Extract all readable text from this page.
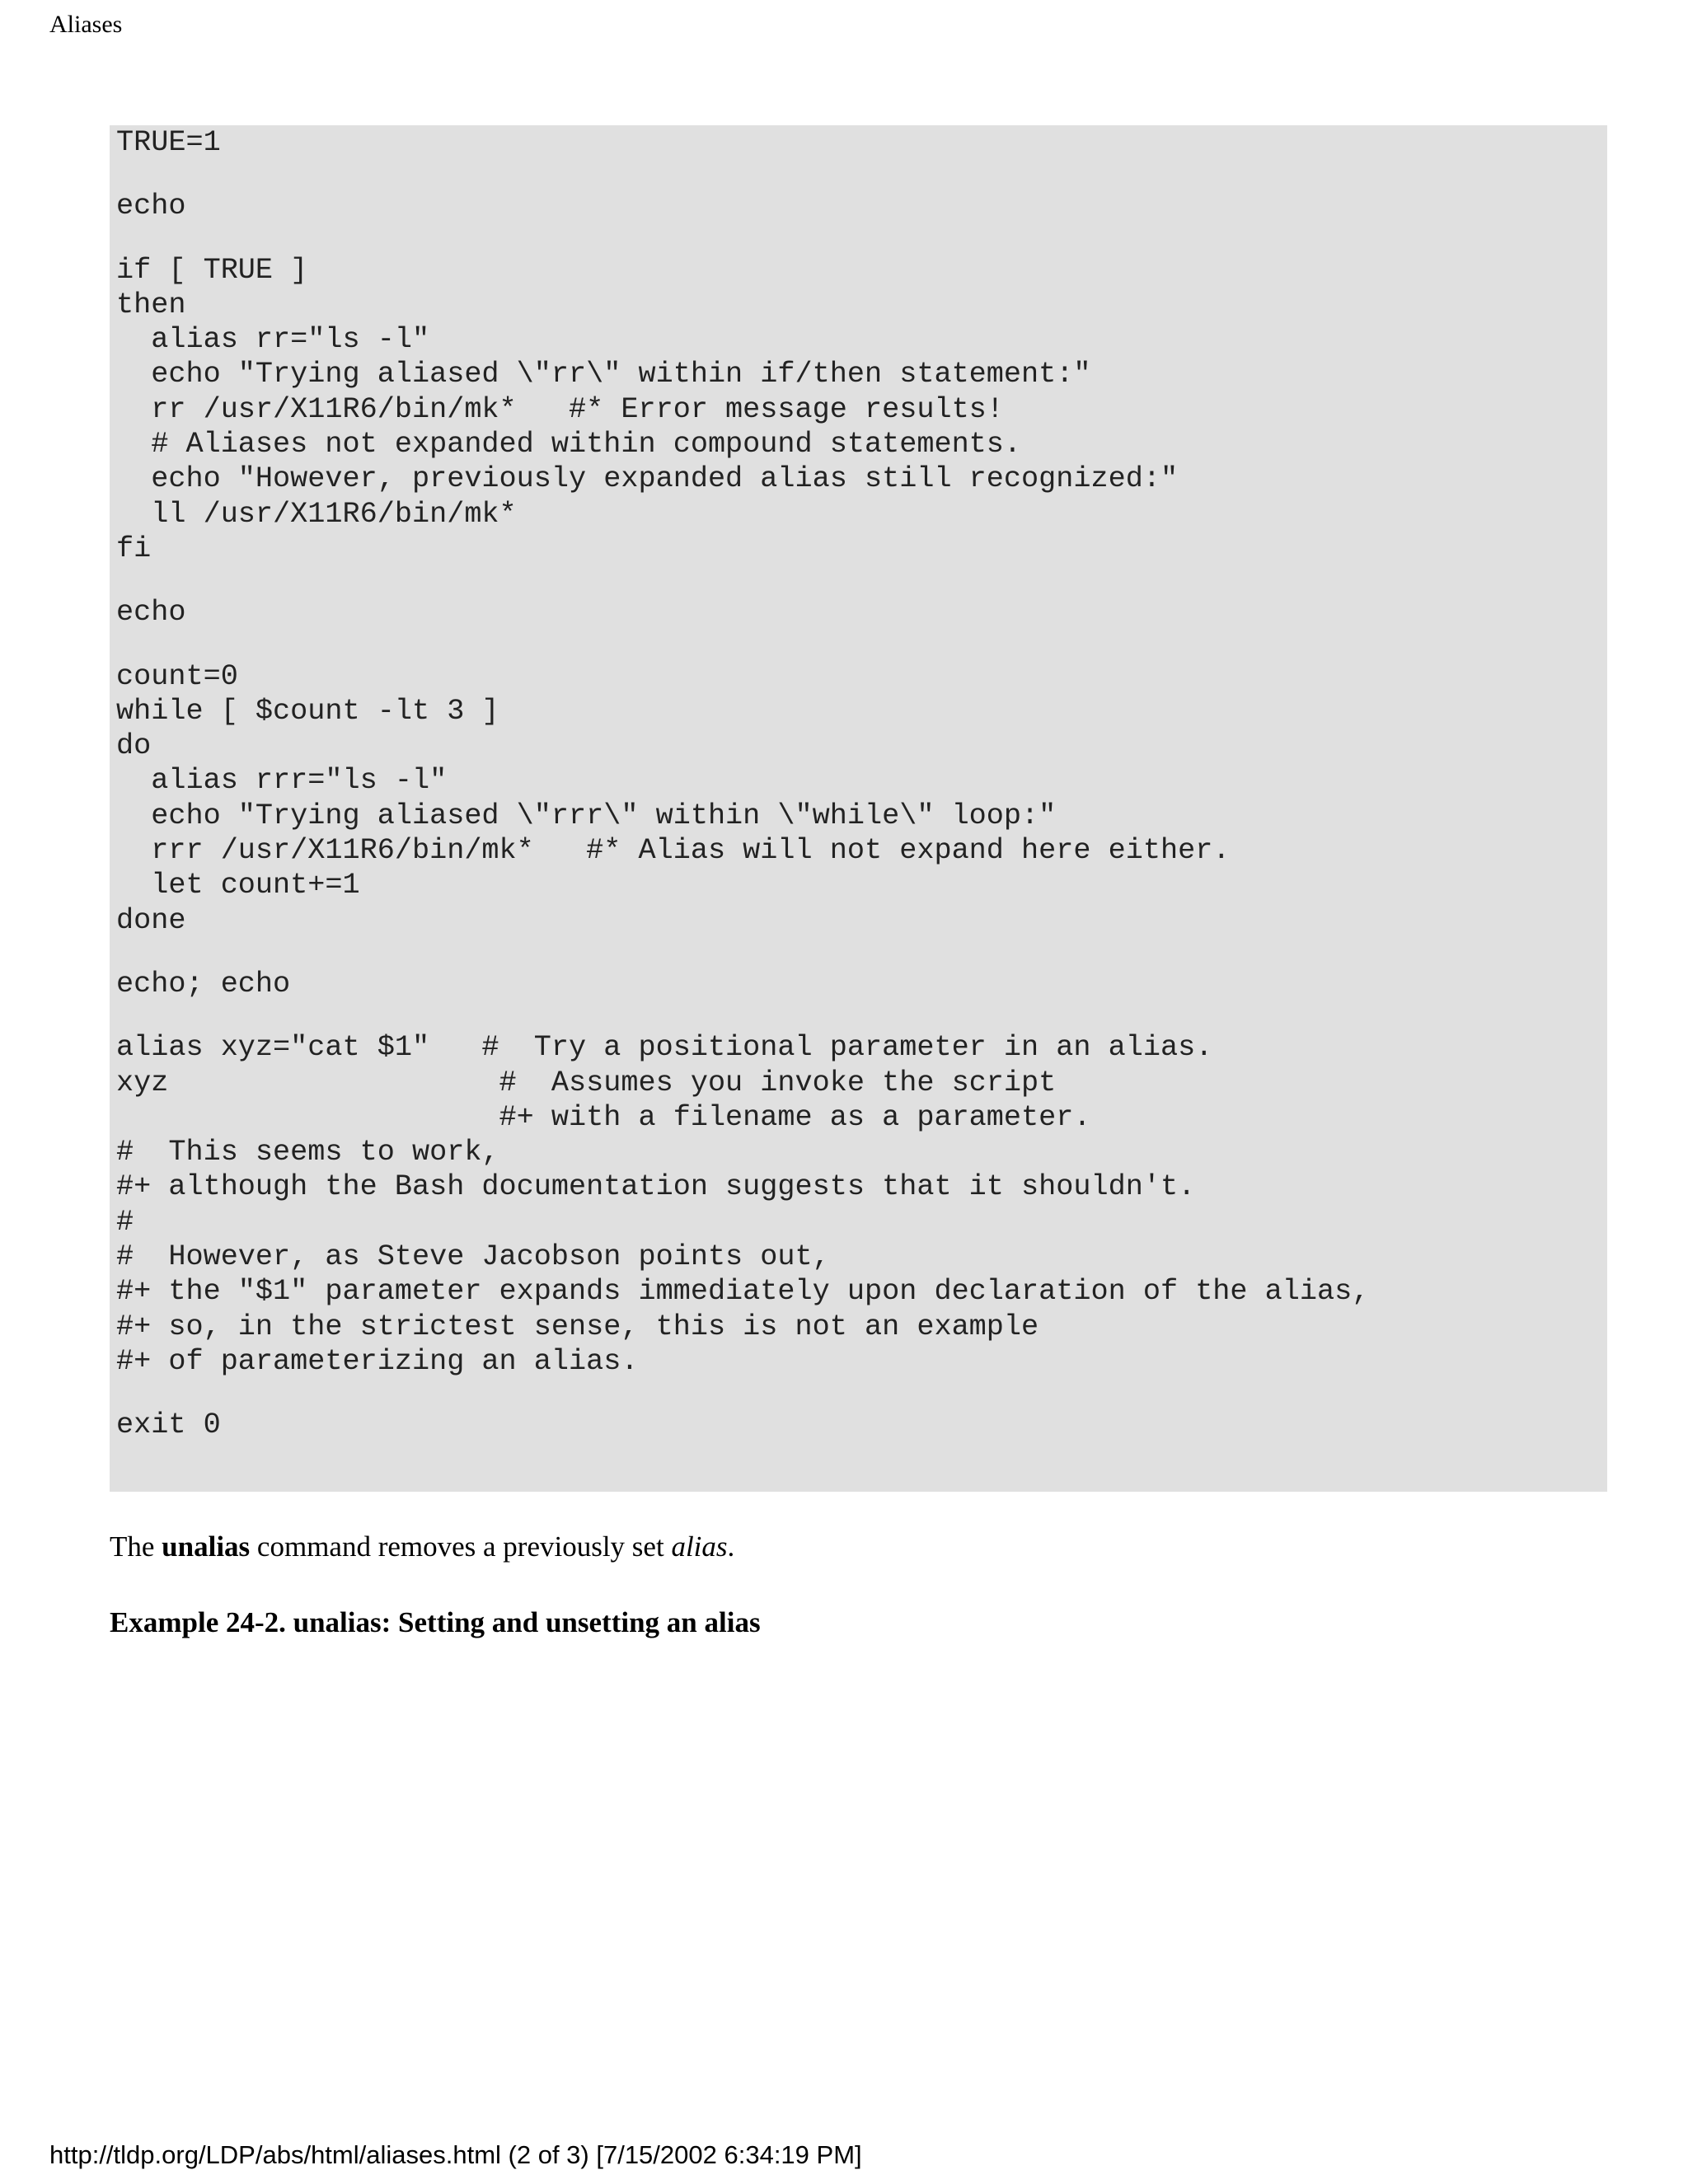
Aliases
TRUE=1
echo
if [ TRUE ]
then
alias rr="ls -l"
echo "Trying aliased \"rr\" within if/then statement:"
rr /usr/X11R6/bin/mk*   #* Error message results!
# Aliases not expanded within compound statements.
echo "However, previously expanded alias still recognized:"
ll /usr/X11R6/bin/mk*
fi
echo
count=0
while [ $count -lt 3 ]
do
alias rrr="ls -l"
echo "Trying aliased \"rrr\" within \"while\" loop:"
rrr /usr/X11R6/bin/mk*   #* Alias will not expand here either.
let count+=1
done
echo; echo
alias xyz="cat $1"   #  Try a positional parameter in an alias.
xyz                   #  Assumes you invoke the script
#+ with a filename as a parameter.
#  This seems to work,
#+ although the Bash documentation suggests that it shouldn't.
#
#  However, as Steve Jacobson points out,
#+ the "$1" parameter expands immediately upon declaration of the alias,
#+ so, in the strictest sense, this is not an example
#+ of parameterizing an alias.
exit 0

The unalias command removes a previously set alias.

Example 24-2. unalias: Setting and unsetting an alias
http://tldp.org/LDP/abs/html/aliases.html (2 of 3) [7/15/2002 6:34:19 PM]
